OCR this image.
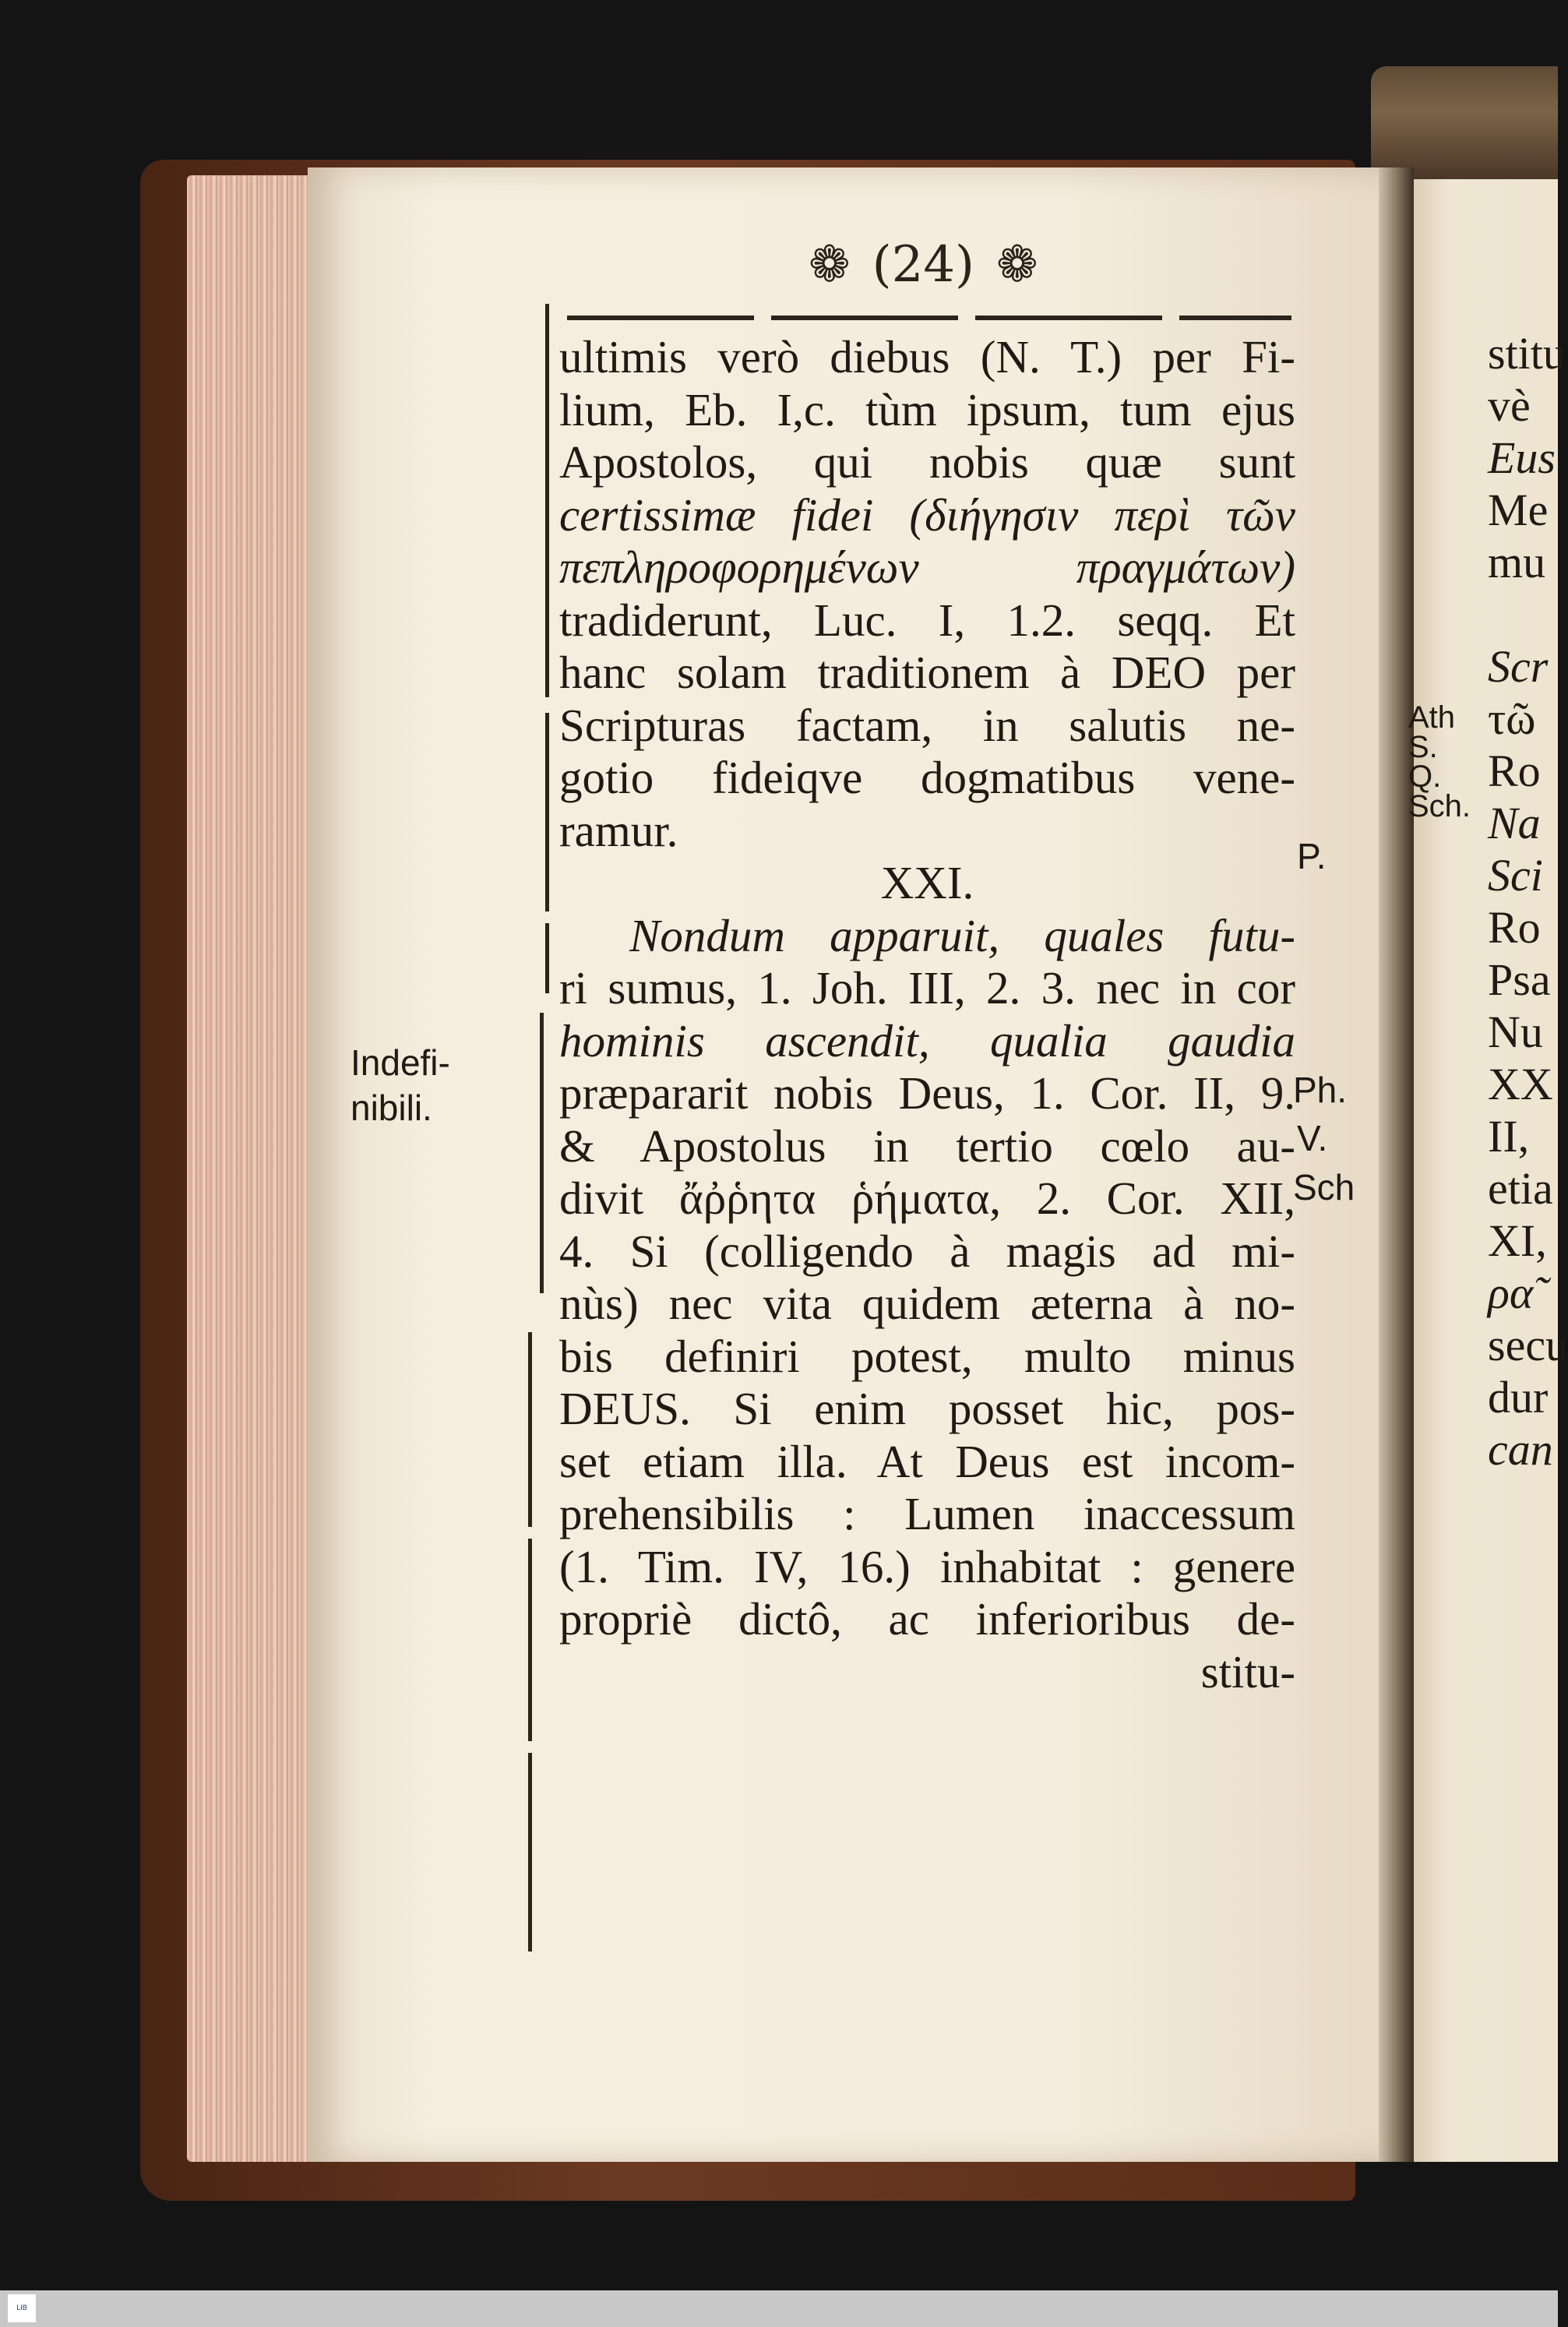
❁ (24) ❁
ultimis verò diebus (N. T.) per Fi-
lium, Eb. I,c. tùm ipsum, tum ejus
Apostolos, qui nobis quæ sunt
certissimæ fidei (διήγησιν περὶ τῶν
πεπληροφορημένων πραγμάτων)
tradiderunt, Luc. I, 1.2. seqq. Et
hanc solam traditionem à DEO per
Scripturas factam, in salutis ne-
gotio fideiqve dogmatibus vene-
ramur.
XXI.
Nondum apparuit, quales futu-
ri sumus, 1. Joh. III, 2. 3. nec in cor
hominis ascendit, qualia gaudia
præpararit nobis Deus, 1. Cor. II, 9.
& Apostolus in tertio cœlo au-
divit ἄῤῥητα ῥήματα, 2. Cor. XII,
4. Si (colligendo à magis ad mi-
nùs) nec vita quidem æterna à no-
bis definiri potest, multo minus
DEUS. Si enim posset hic, pos-
set etiam illa. At Deus est incom-
prehensibilis : Lumen inaccessum
(1. Tim. IV, 16.) inhabitat : genere
propriè dictô, ac inferioribus de-
stitu-
Indefi-
nibili.
P.
Ph.
V.
Sch
stitu
vè
Eus
Me
mu

Scr
τῶ
Ro
Na
Sci
Ro
Psa
Nu
XX
II,
etia
XI,
ρα̃
secu
dur
can
Ath
S.
Q.
Sch.
LIB
